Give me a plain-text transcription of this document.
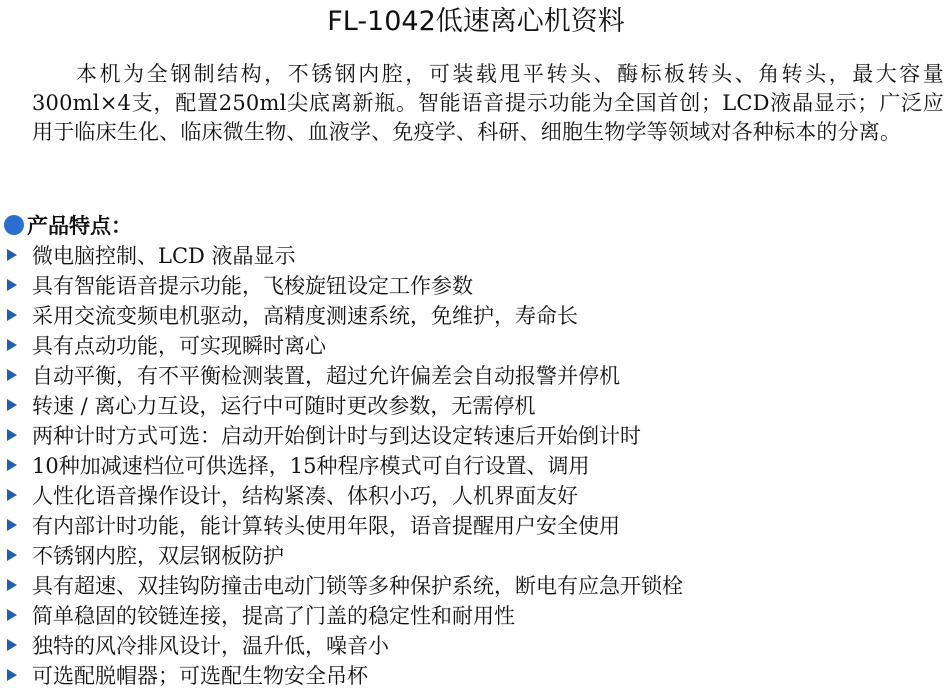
FL-1042低速离心机资料

本机为全钢制结构，不锈钢内腔，可装载甩平转头、酶标板转头、角转头，最大容量300ml×4支，配置250ml尖底离新瓶。智能语音提示功能为全国首创；LCD液晶显示；广泛应用于临床生化、临床微生物、血液学、免疫学、科研、细胞生物学等领域对各种标本的分离。

产品特点：
微电脑控制、LCD 液晶显示
具有智能语音提示功能，飞梭旋钮设定工作参数
采用交流变频电机驱动，高精度测速系统，免维护，寿命长
具有点动功能，可实现瞬时离心
自动平衡，有不平衡检测装置，超过允许偏差会自动报警并停机
转速 / 离心力互设，运行中可随时更改参数，无需停机
两种计时方式可选：启动开始倒计时与到达设定转速后开始倒计时
10种加减速档位可供选择，15种程序模式可自行设置、调用
人性化语音操作设计，结构紧凑、体积小巧，人机界面友好
有内部计时功能，能计算转头使用年限，语音提醒用户安全使用
不锈钢内腔，双层钢板防护
具有超速、双挂钩防撞击电动门锁等多种保护系统，断电有应急开锁栓
简单稳固的铰链连接，提高了门盖的稳定性和耐用性
独特的风冷排风设计，温升低，噪音小
可选配脱帽器；可选配生物安全吊杯
